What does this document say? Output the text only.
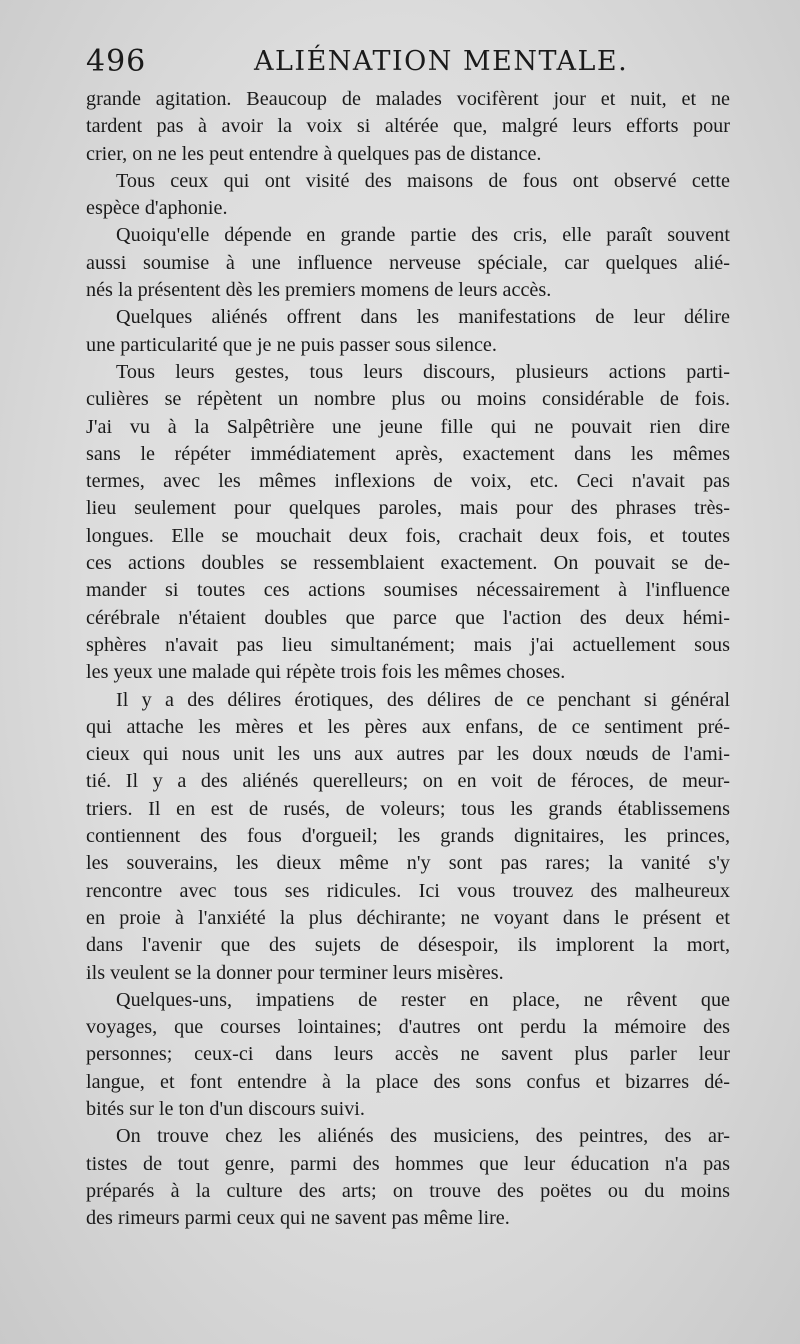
496	ALIÉNATION MENTALE.
grande agitation. Beaucoup de malades vocifèrent jour et nuit, et ne
tardent pas à avoir la voix si altérée que, malgré leurs efforts pour
crier, on ne les peut entendre à quelques pas de distance.
Tous ceux qui ont visité des maisons de fous ont observé cette
espèce d'aphonie.
Quoiqu'elle dépende en grande partie des cris, elle paraît souvent
aussi soumise à une influence nerveuse spéciale, car quelques alié-
nés la présentent dès les premiers momens de leurs accès.
Quelques aliénés offrent dans les manifestations de leur délire
une particularité que je ne puis passer sous silence.
Tous leurs gestes, tous leurs discours, plusieurs actions parti-
culières se répètent un nombre plus ou moins considérable de fois.
J'ai vu à la Salpêtrière une jeune fille qui ne pouvait rien dire
sans le répéter immédiatement après, exactement dans les mêmes
termes, avec les mêmes inflexions de voix, etc. Ceci n'avait pas
lieu seulement pour quelques paroles, mais pour des phrases très-
longues. Elle se mouchait deux fois, crachait deux fois, et toutes
ces actions doubles se ressemblaient exactement. On pouvait se de-
mander si toutes ces actions soumises nécessairement à l'influence
cérébrale n'étaient doubles que parce que l'action des deux hémi-
sphères n'avait pas lieu simultanément; mais j'ai actuellement sous
les yeux une malade qui répète trois fois les mêmes choses.
Il y a des délires érotiques, des délires de ce penchant si général
qui attache les mères et les pères aux enfans, de ce sentiment pré-
cieux qui nous unit les uns aux autres par les doux nœuds de l'ami-
tié. Il y a des aliénés querelleurs; on en voit de féroces, de meur-
triers. Il en est de rusés, de voleurs; tous les grands établissemens
contiennent des fous d'orgueil; les grands dignitaires, les princes,
les souverains, les dieux même n'y sont pas rares; la vanité s'y
rencontre avec tous ses ridicules. Ici vous trouvez des malheureux
en proie à l'anxiété la plus déchirante; ne voyant dans le présent et
dans l'avenir que des sujets de désespoir, ils implorent la mort,
ils veulent se la donner pour terminer leurs misères.
Quelques-uns, impatiens de rester en place, ne rêvent que
voyages, que courses lointaines; d'autres ont perdu la mémoire des
personnes; ceux-ci dans leurs accès ne savent plus parler leur
langue, et font entendre à la place des sons confus et bizarres dé-
bités sur le ton d'un discours suivi.
On trouve chez les aliénés des musiciens, des peintres, des ar-
tistes de tout genre, parmi des hommes que leur éducation n'a pas
préparés à la culture des arts; on trouve des poëtes ou du moins
des rimeurs parmi ceux qui ne savent pas même lire.
